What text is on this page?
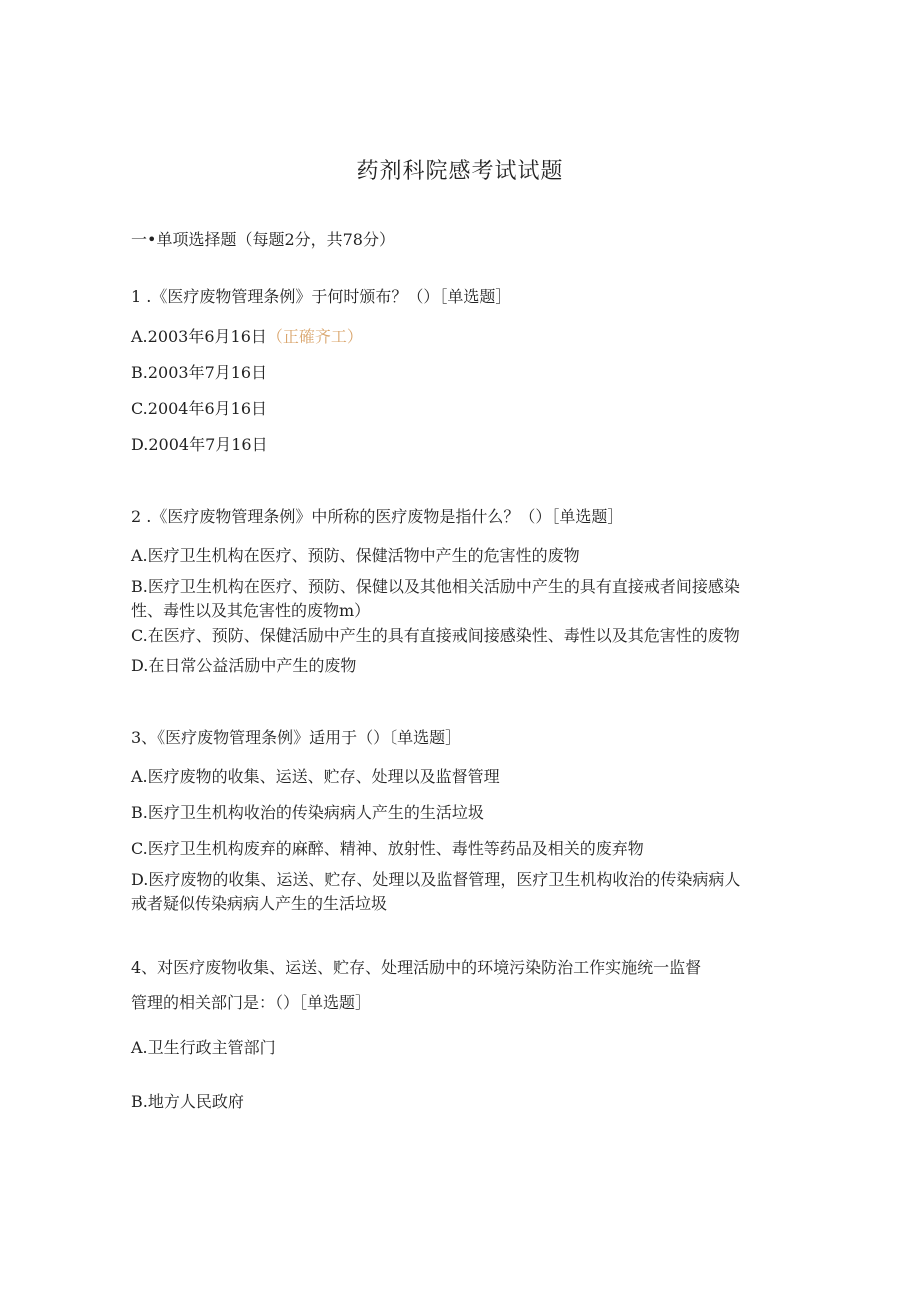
药剂科院感考试试题
一•单项选择题（每题2分，共78分）
1 .《医疗废物管理条例》于何时颁布？（）［单选题］
A.2003年6月16日（正確齐工）
B.2003年7月16日
C.2004年6月16日
D.2004年7月16日
2 .《医疗废物管理条例》中所称的医疗废物是指什么？（）［单选题］
A.医疗卫生机构在医疗、预防、保健活物中产生的危害性的废物
B.医疗卫生机构在医疗、预防、保健以及其他相关活励中产生的具有直接戒者间接感染
性、毒性以及其危害性的废物m）
C.在医疗、预防、保健活励中产生的具有直接戒间接感染性、毒性以及其危害性的废物
D.在日常公益活励中产生的废物
3、《医疗废物管理条例》适用于（）〔单选题］
A.医疗废物的收集、运送、贮存、处理以及监督管理
B.医疗卫生机构收治的传染病病人产生的生活垃圾
C.医疗卫生机构废弃的麻醉、精神、放射性、毒性等药品及相关的废弃物
D.医疗废物的收集、运送、贮存、处理以及监督管理，医疗卫生机构收治的传染病病人
戒者疑似传染病病人产生的生活垃圾
4、对医疗废物收集、运送、贮存、处理活励中的环境污染防治工作实施统一监督
管理的相关部门是：（）［单选题］
A.卫生行政主管部门
B.地方人民政府
